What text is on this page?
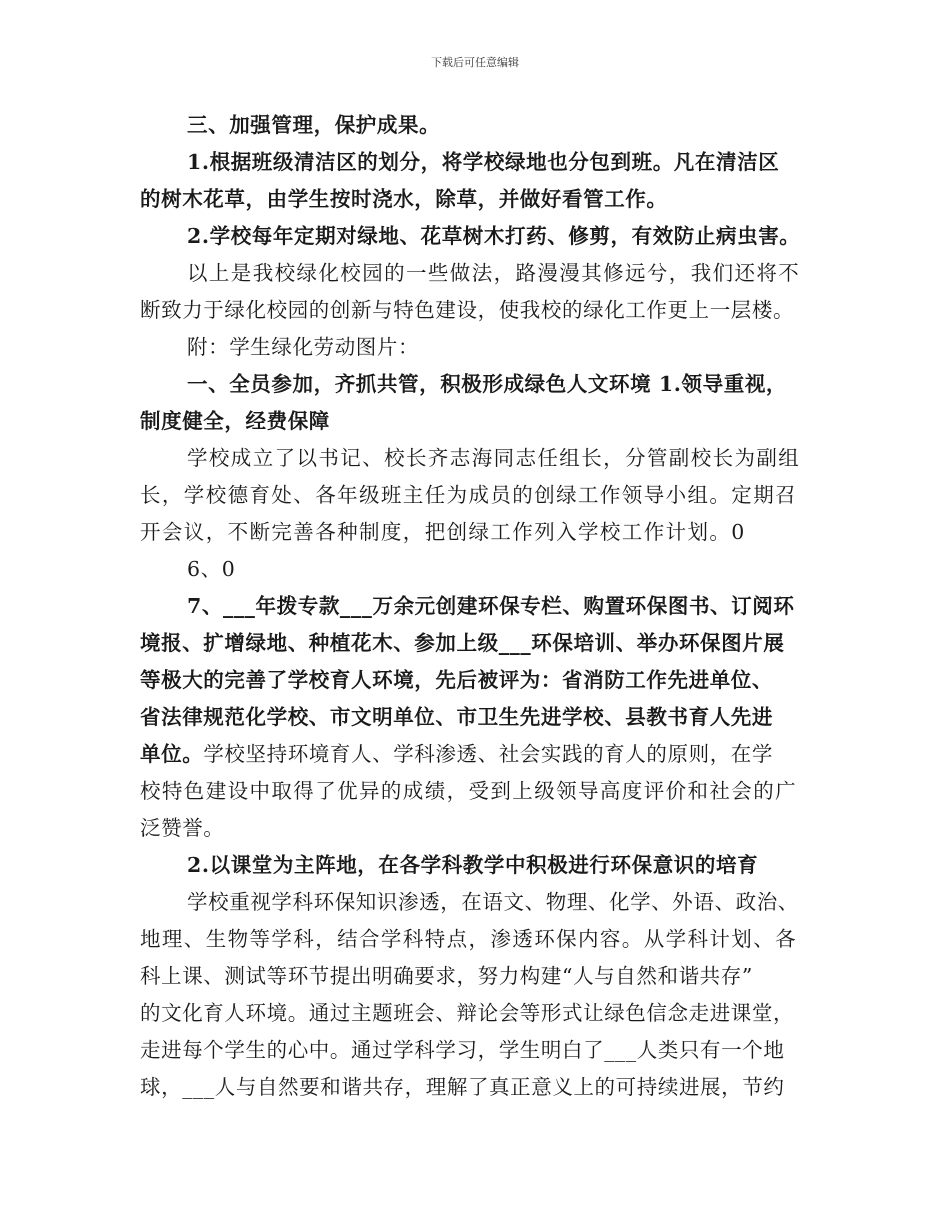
下载后可任意编辑
三、加强管理，保护成果。
1.根据班级清洁区的划分，将学校绿地也分包到班。凡在清洁区
的树木花草，由学生按时浇水，除草，并做好看管工作。
2.学校每年定期对绿地、花草树木打药、修剪，有效防止病虫害。
以上是我校绿化校园的一些做法，路漫漫其修远兮，我们还将不
断致力于绿化校园的创新与特色建设，使我校的绿化工作更上一层楼。
附：学生绿化劳动图片：
一、全员参加，齐抓共管，积极形成绿色人文环境 1.领导重视，
制度健全，经费保障
学校成立了以书记、校长齐志海同志任组长，分管副校长为副组
长，学校德育处、各年级班主任为成员的创绿工作领导小组。定期召
开会议，不断完善各种制度，把创绿工作列入学校工作计划。0
6、0
7、___年拨专款___万余元创建环保专栏、购置环保图书、订阅环
境报、扩增绿地、种植花木、参加上级___环保培训、举办环保图片展
等极大的完善了学校育人环境，先后被评为：省消防工作先进单位、
省法律规范化学校、市文明单位、市卫生先进学校、县教书育人先进
单位。学校坚持环境育人、学科渗透、社会实践的育人的原则，在学
校特色建设中取得了优异的成绩，受到上级领导高度评价和社会的广
泛赞誉。
2.以课堂为主阵地，在各学科教学中积极进行环保意识的培育
学校重视学科环保知识渗透，在语文、物理、化学、外语、政治、
地理、生物等学科，结合学科特点，渗透环保内容。从学科计划、各
科上课、测试等环节提出明确要求，努力构建“人与自然和谐共存”
的文化育人环境。通过主题班会、辩论会等形式让绿色信念走进课堂，
走进每个学生的心中。通过学科学习，学生明白了___人类只有一个地
球，___人与自然要和谐共存，理解了真正意义上的可持续进展，节约
